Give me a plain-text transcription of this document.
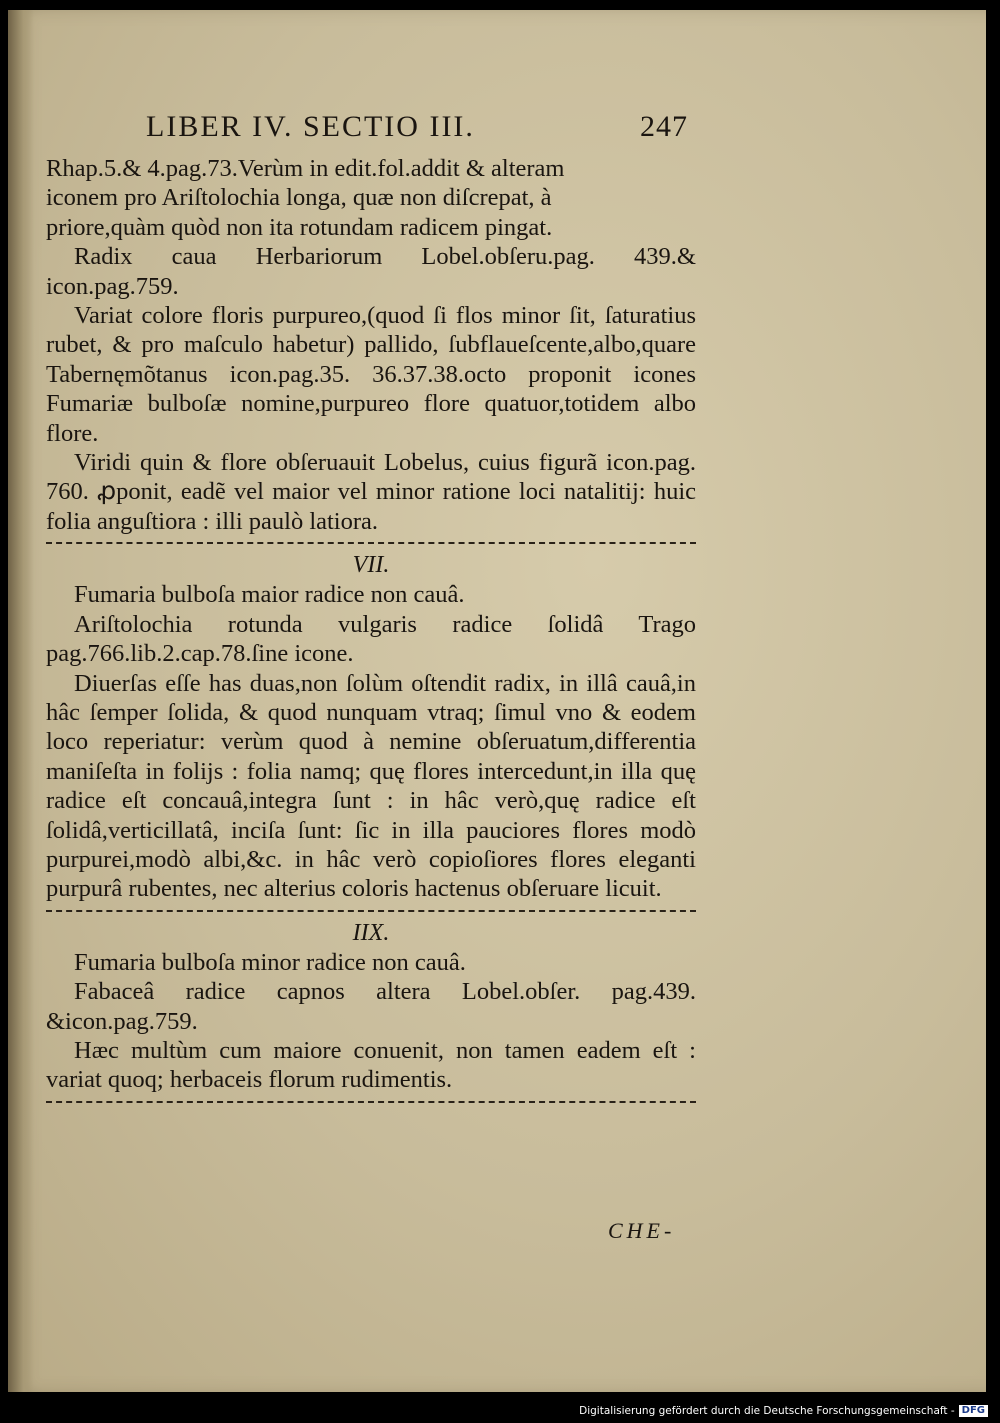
LIBER IV. SECTIO III.	247
Rhap.5.& 4.pag.73.Verùm in edit.fol.addit & alteram
iconem pro Ariſtolochia longa, quæ non diſcrepat, à
priore,quàm quòd non ita rotundam radicem pingat.

Radix caua Herbariorum Lobel.obſeru.pag. 439.& icon.pag.759.

Variat colore floris purpureo,(quod ſi flos minor ſit, ſaturatius rubet, & pro maſculo habetur) pallido, ſubflaueſcente,albo,quare Tabernęmõtanus icon.pag.35. 36.37.38.octo proponit icones Fumariæ bulboſæ nomine,purpureo flore quatuor,totidem albo flore.

Viridi quin & flore obſeruauit Lobelus, cuius figurã icon.pag. 760. ꝓponit, eadẽ vel maior vel minor ratione loci natalitij: huic folia anguſtiora : illi paulò latiora.

VII.

Fumaria bulboſa maior radice non cauâ.

Ariſtolochia rotunda vulgaris radice ſolidâ Trago pag.766.lib.2.cap.78.ſine icone.

Diuerſas eſſe has duas,non ſolùm oſtendit radix, in illâ cauâ,in hâc ſemper ſolida, & quod nunquam vtraq; ſimul vno & eodem loco reperiatur: verùm quod à nemine obſeruatum,differentia maniſeſta in folijs : folia namq; quę flores intercedunt,in illa quę radice eſt concauâ,integra ſunt : in hâc verò,quę radice eſt ſolidâ,verticillatâ, inciſa ſunt: ſic in illa pauciores flores modò purpurei,modò albi,&c. in hâc verò copioſiores flores eleganti purpurâ rubentes, nec alterius coloris hactenus obſeruare licuit.

IIX.

Fumaria bulboſa minor radice non cauâ.

Fabaceâ radice capnos altera Lobel.obſer. pag.439. &icon.pag.759.

Hæc multùm cum maiore conuenit, non tamen eadem eſt : variat quoq; herbaceis florum rudimentis.

CHE-
Digitalisierung gefördert durch die Deutsche Forschungsgemeinschaft - DFG
